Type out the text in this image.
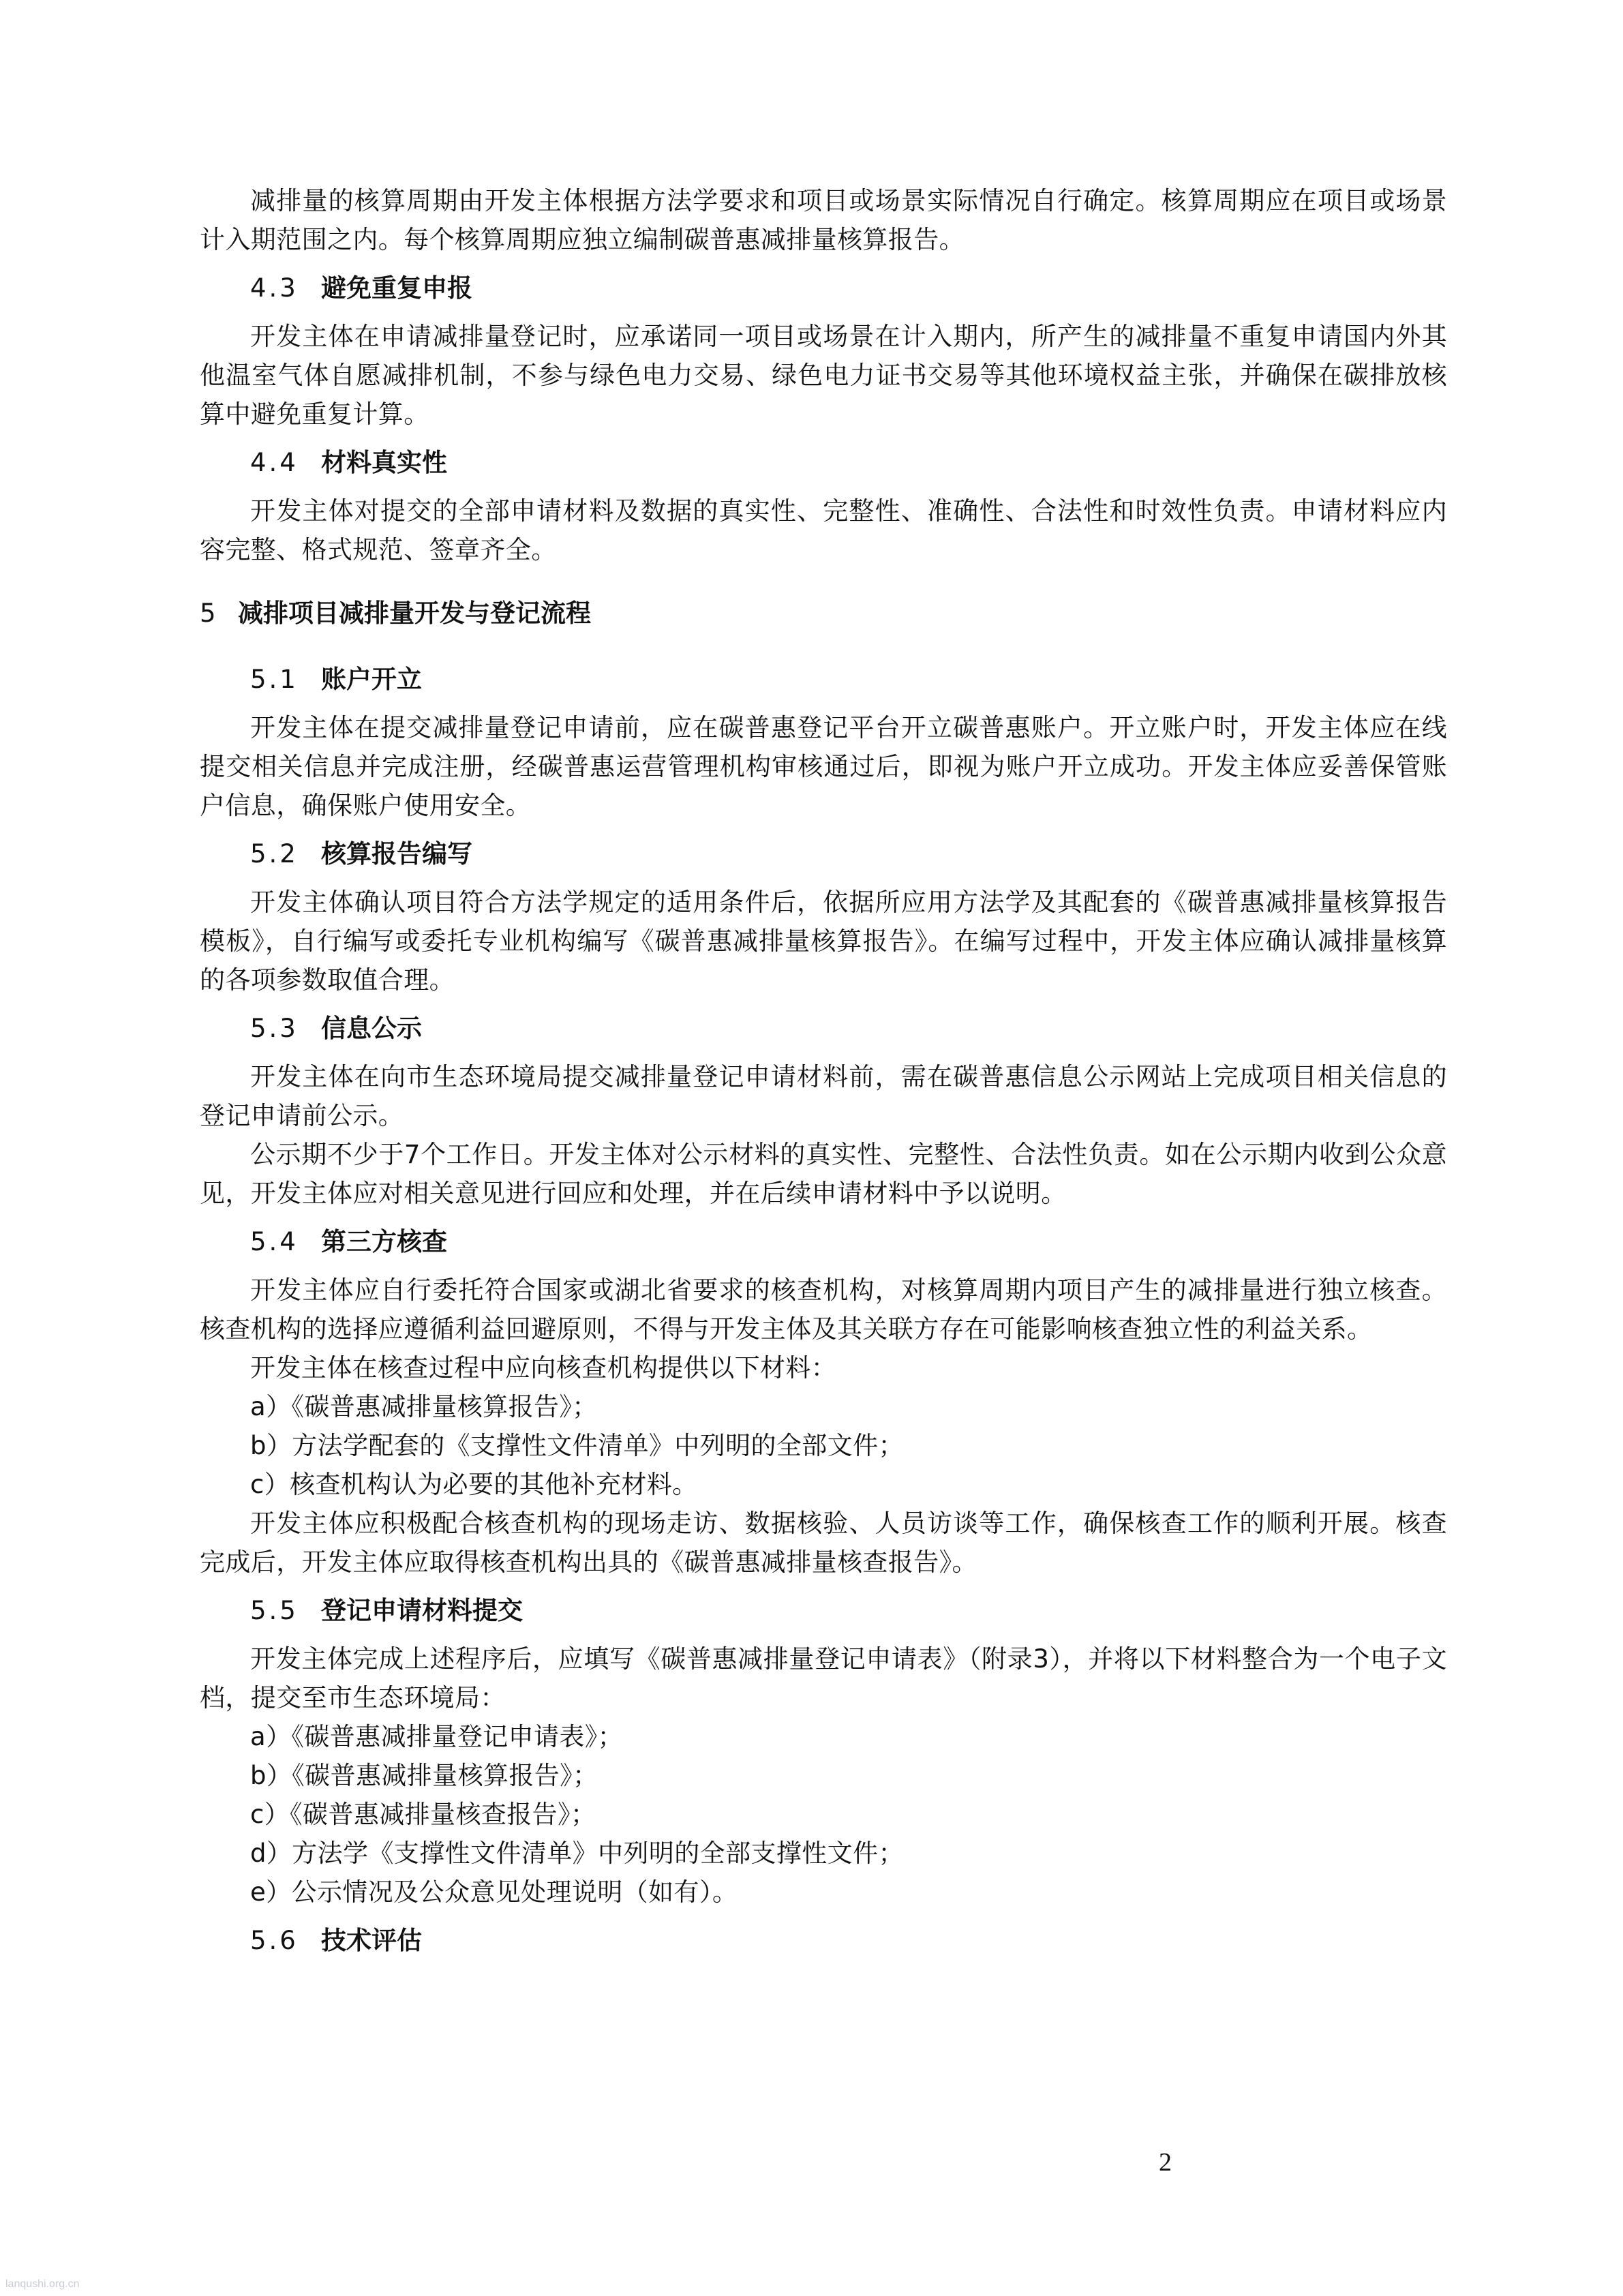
减排量的核算周期由开发主体根据方法学要求和项目或场景实际情况自行确定。核算周期应在项目或场景计入期范围之内。每个核算周期应独立编制碳普惠减排量核算报告。

4.3 避免重复申报

开发主体在申请减排量登记时，应承诺同一项目或场景在计入期内，所产生的减排量不重复申请国内外其他温室气体自愿减排机制，不参与绿色电力交易、绿色电力证书交易等其他环境权益主张，并确保在碳排放核算中避免重复计算。

4.4 材料真实性

开发主体对提交的全部申请材料及数据的真实性、完整性、准确性、合法性和时效性负责。申请材料应内容完整、格式规范、签章齐全。

5 减排项目减排量开发与登记流程
5.1 账户开立

开发主体在提交减排量登记申请前，应在碳普惠登记平台开立碳普惠账户。开立账户时，开发主体应在线提交相关信息并完成注册，经碳普惠运营管理机构审核通过后，即视为账户开立成功。开发主体应妥善保管账户信息，确保账户使用安全。

5.2 核算报告编写

开发主体确认项目符合方法学规定的适用条件后，依据所应用方法学及其配套的《碳普惠减排量核算报告模板》，自行编写或委托专业机构编写《碳普惠减排量核算报告》。在编写过程中，开发主体应确认减排量核算的各项参数取值合理。

5.3 信息公示

开发主体在向市生态环境局提交减排量登记申请材料前，需在碳普惠信息公示网站上完成项目相关信息的登记申请前公示。

公示期不少于7个工作日。开发主体对公示材料的真实性、完整性、合法性负责。如在公示期内收到公众意见，开发主体应对相关意见进行回应和处理，并在后续申请材料中予以说明。

5.4 第三方核查

开发主体应自行委托符合国家或湖北省要求的核查机构，对核算周期内项目产生的减排量进行独立核查。核查机构的选择应遵循利益回避原则，不得与开发主体及其关联方存在可能影响核查独立性的利益关系。

开发主体在核查过程中应向核查机构提供以下材料：

a）《碳普惠减排量核算报告》；

b）方法学配套的《支撑性文件清单》中列明的全部文件；

c）核查机构认为必要的其他补充材料。

开发主体应积极配合核查机构的现场走访、数据核验、人员访谈等工作，确保核查工作的顺利开展。核查完成后，开发主体应取得核查机构出具的《碳普惠减排量核查报告》。

5.5 登记申请材料提交

开发主体完成上述程序后，应填写《碳普惠减排量登记申请表》（附录3），并将以下材料整合为一个电子文档，提交至市生态环境局：

a）《碳普惠减排量登记申请表》；

b）《碳普惠减排量核算报告》；

c）《碳普惠减排量核查报告》；

d）方法学《支撑性文件清单》中列明的全部支撑性文件；

e）公示情况及公众意见处理说明（如有）。

5.6 技术评估
2
lanqushi.org.cn
